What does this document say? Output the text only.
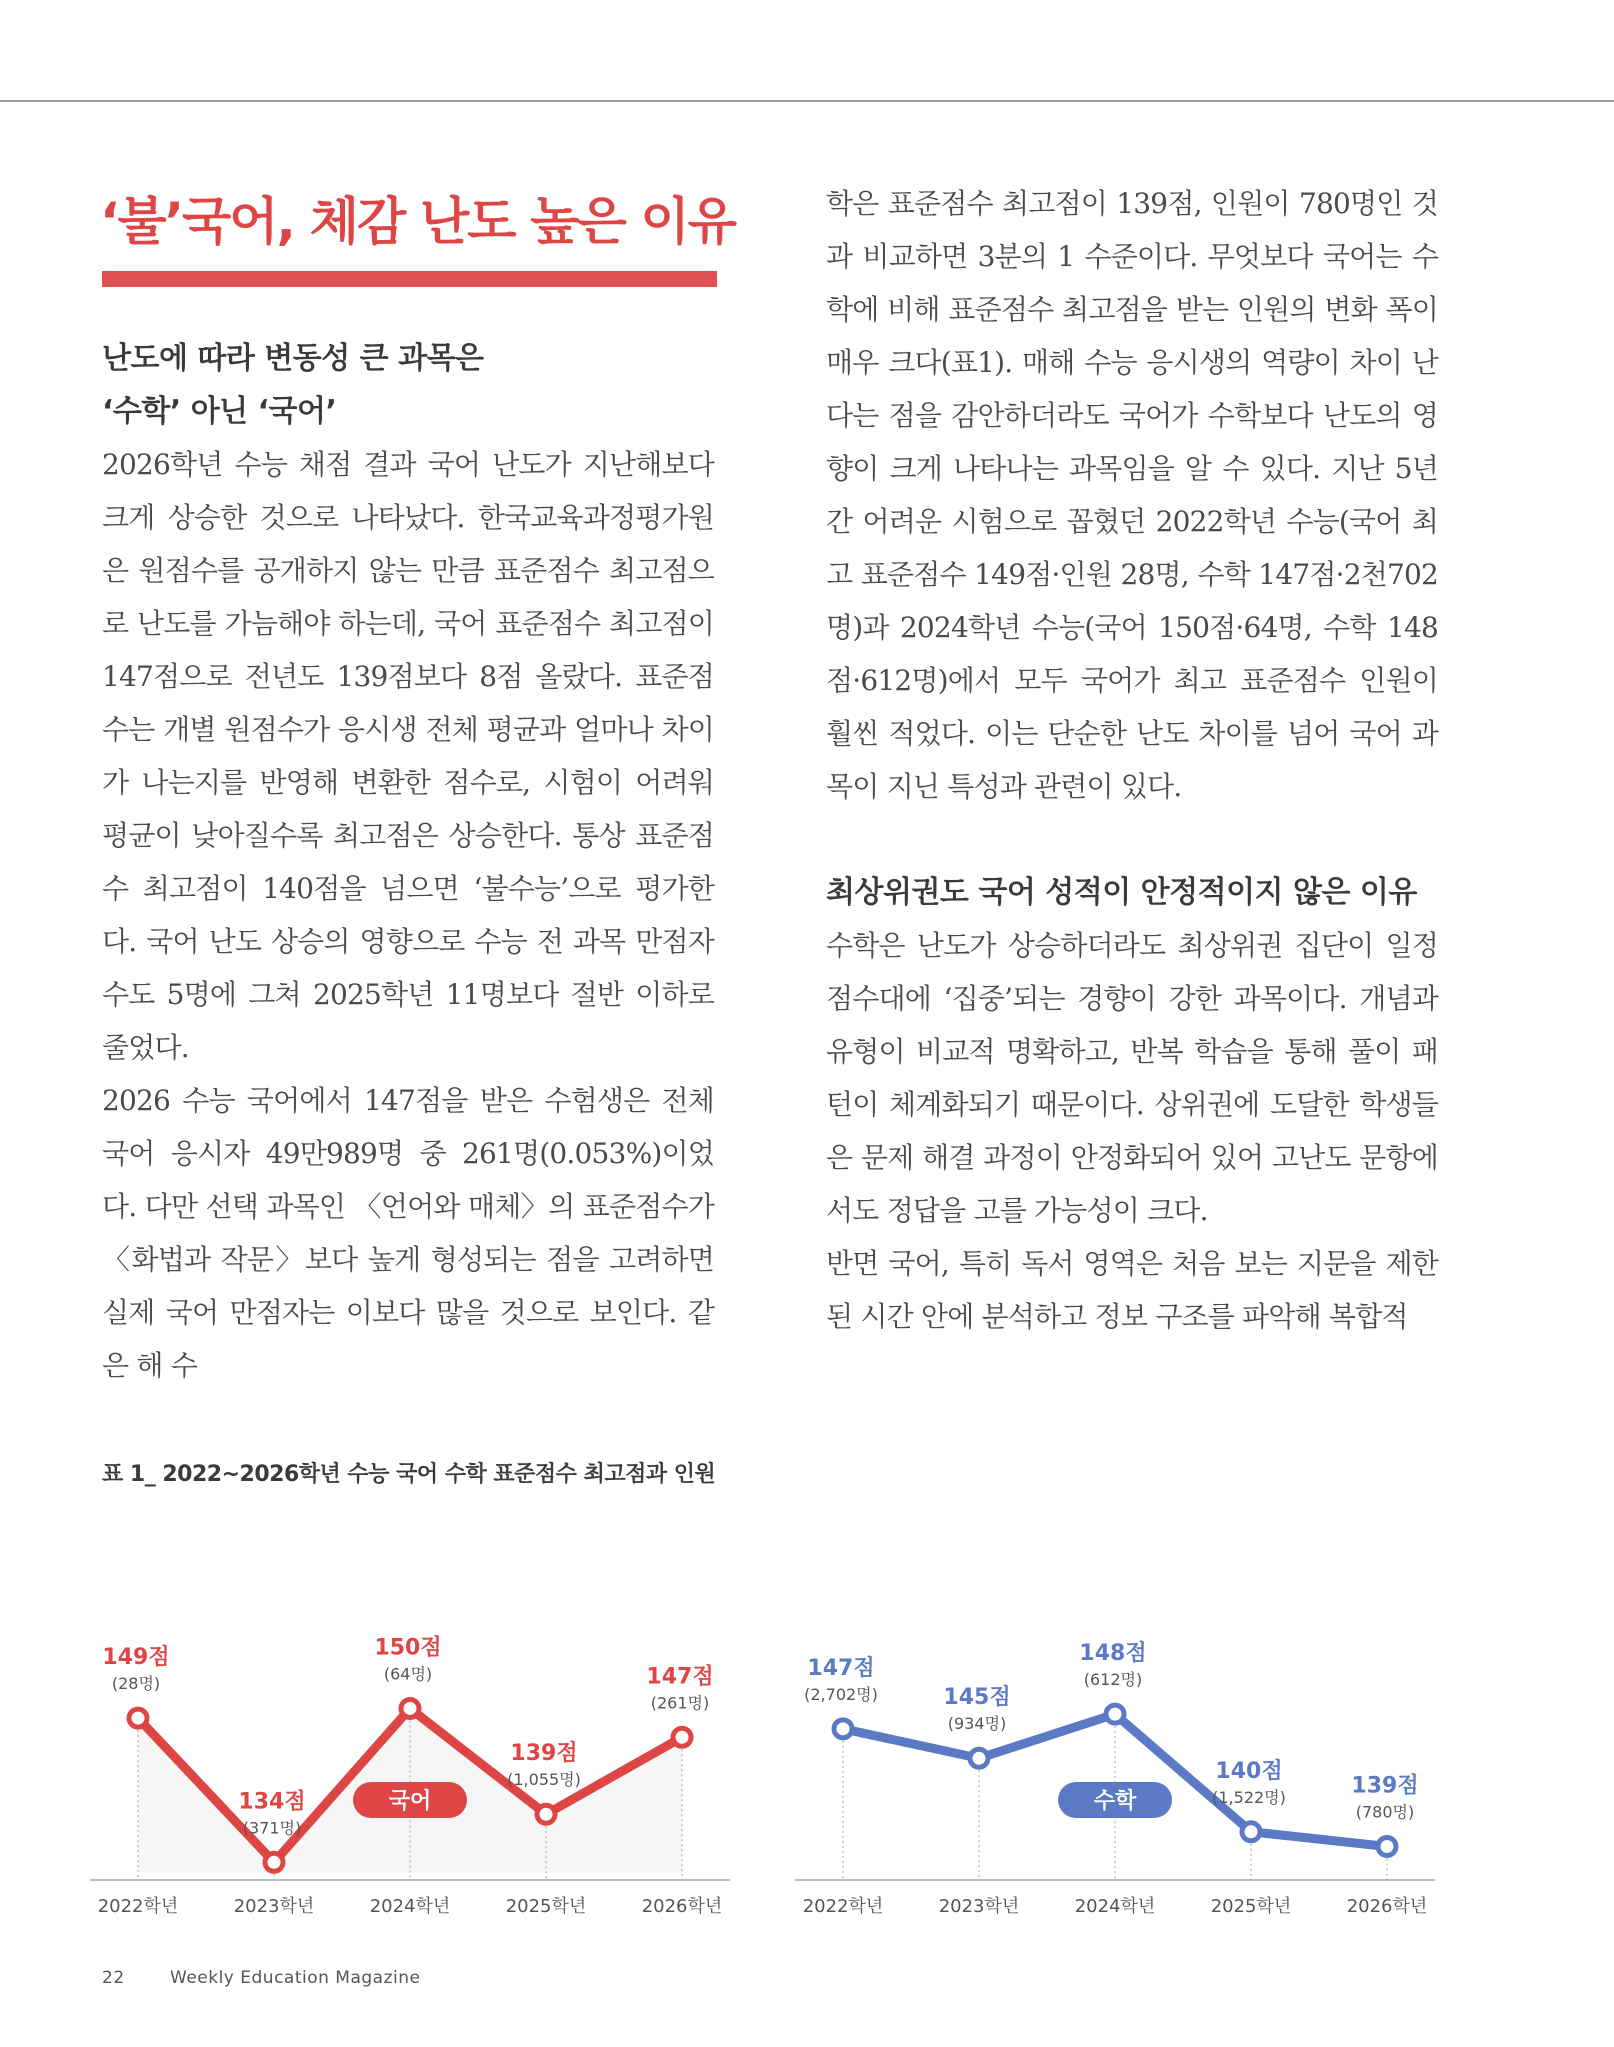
‘불’국어, 체감 난도 높은 이유
난도에 따라 변동성 큰 과목은
‘수학’ 아닌 ‘국어’

2026학년 수능 채점 결과 국어 난도가 지난해보다 크게 상승한 것으로 나타났다. 한국교육과정평가원은 원점수를 공개하지 않는 만큼 표준점수 최고점으로 난도를 가늠해야 하는데, 국어 표준점수 최고점이 147점으로 전년도 139점보다 8점 올랐다. 표준점수는 개별 원점수가 응시생 전체 평균과 얼마나 차이가 나는지를 반영해 변환한 점수로, 시험이 어려워 평균이 낮아질수록 최고점은 상승한다. 통상 표준점수 최고점이 140점을 넘으면 ‘불수능’으로 평가한다. 국어 난도 상승의 영향으로 수능 전 과목 만점자 수도 5명에 그쳐 2025학년 11명보다 절반 이하로 줄었다.

2026 수능 국어에서 147점을 받은 수험생은 전체 국어 응시자 49만989명 중 261명(0.053%)이었다. 다만 선택 과목인 〈언어와 매체〉의 표준점수가 〈화법과 작문〉보다 높게 형성되는 점을 고려하면 실제 국어 만점자는 이보다 많을 것으로 보인다. 같은 해 수

학은 표준점수 최고점이 139점, 인원이 780명인 것과 비교하면 3분의 1 수준이다. 무엇보다 국어는 수학에 비해 표준점수 최고점을 받는 인원의 변화 폭이 매우 크다(표1). 매해 수능 응시생의 역량이 차이 난다는 점을 감안하더라도 국어가 수학보다 난도의 영향이 크게 나타나는 과목임을 알 수 있다. 지난 5년간 어려운 시험으로 꼽혔던 2022학년 수능(국어 최고 표준점수 149점·인원 28명, 수학 147점·2천702명)과 2024학년 수능(국어 150점·64명, 수학 148점·612명)에서 모두 국어가 최고 표준점수 인원이 훨씬 적었다. 이는 단순한 난도 차이를 넘어 국어 과목이 지닌 특성과 관련이 있다.

최상위권도 국어 성적이 안정적이지 않은 이유

수학은 난도가 상승하더라도 최상위권 집단이 일정 점수대에 ‘집중’되는 경향이 강한 과목이다. 개념과 유형이 비교적 명확하고, 반복 학습을 통해 풀이 패턴이 체계화되기 때문이다. 상위권에 도달한 학생들은 문제 해결 과정이 안정화되어 있어 고난도 문항에서도 정답을 고를 가능성이 크다.

반면 국어, 특히 독서 영역은 처음 보는 지문을 제한된 시간 안에 분석하고 정보 구조를 파악해 복합적

표 1_ 2022~2026학년 수능 국어 수학 표준점수 최고점과 인원
149점
(28명)
134점
(371명)
150점
(64명)
139점
(1,055명)
147점
(261명)
2022학년	2023학년	2024학년	2025학년	2026학년
국어
147점
(2,702명)	145점
(934명)
148점
(612명)
140점
(1,522명)	139점
(780명)
2022학년	2023학년	2024학년	2025학년	2026학년
수학
22	Weekly Education Magazine
